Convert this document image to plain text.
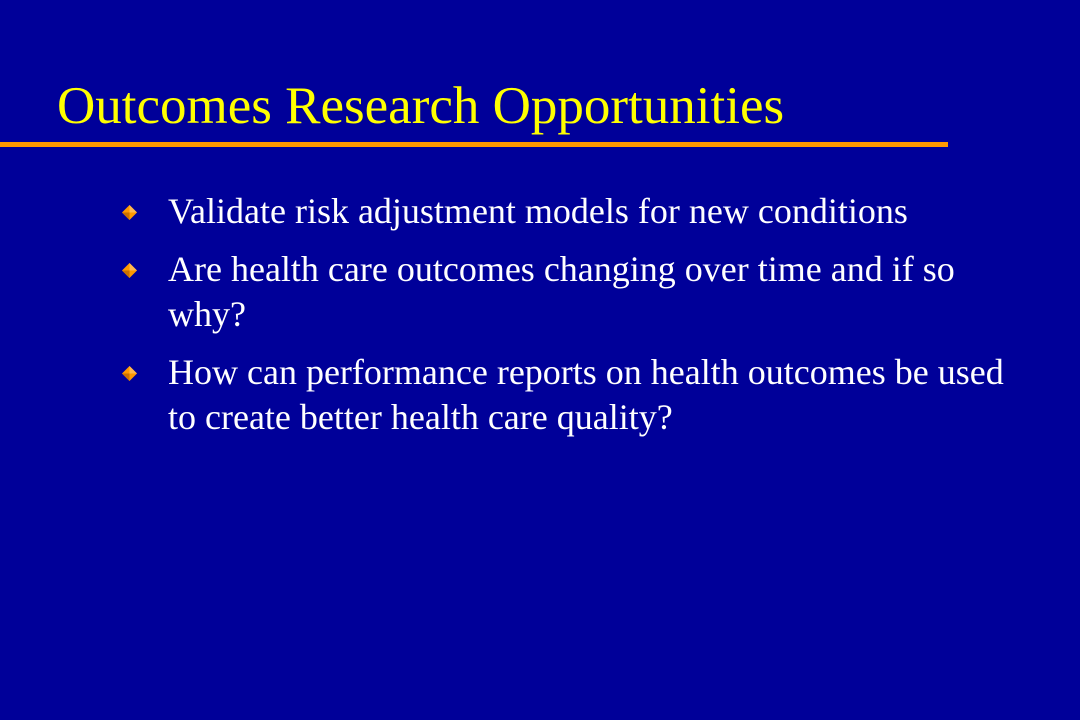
Outcomes Research Opportunities
Validate risk adjustment models for new conditions
Are health care outcomes changing over time and if so why?
How can performance reports on health outcomes be used to create better health care quality?
